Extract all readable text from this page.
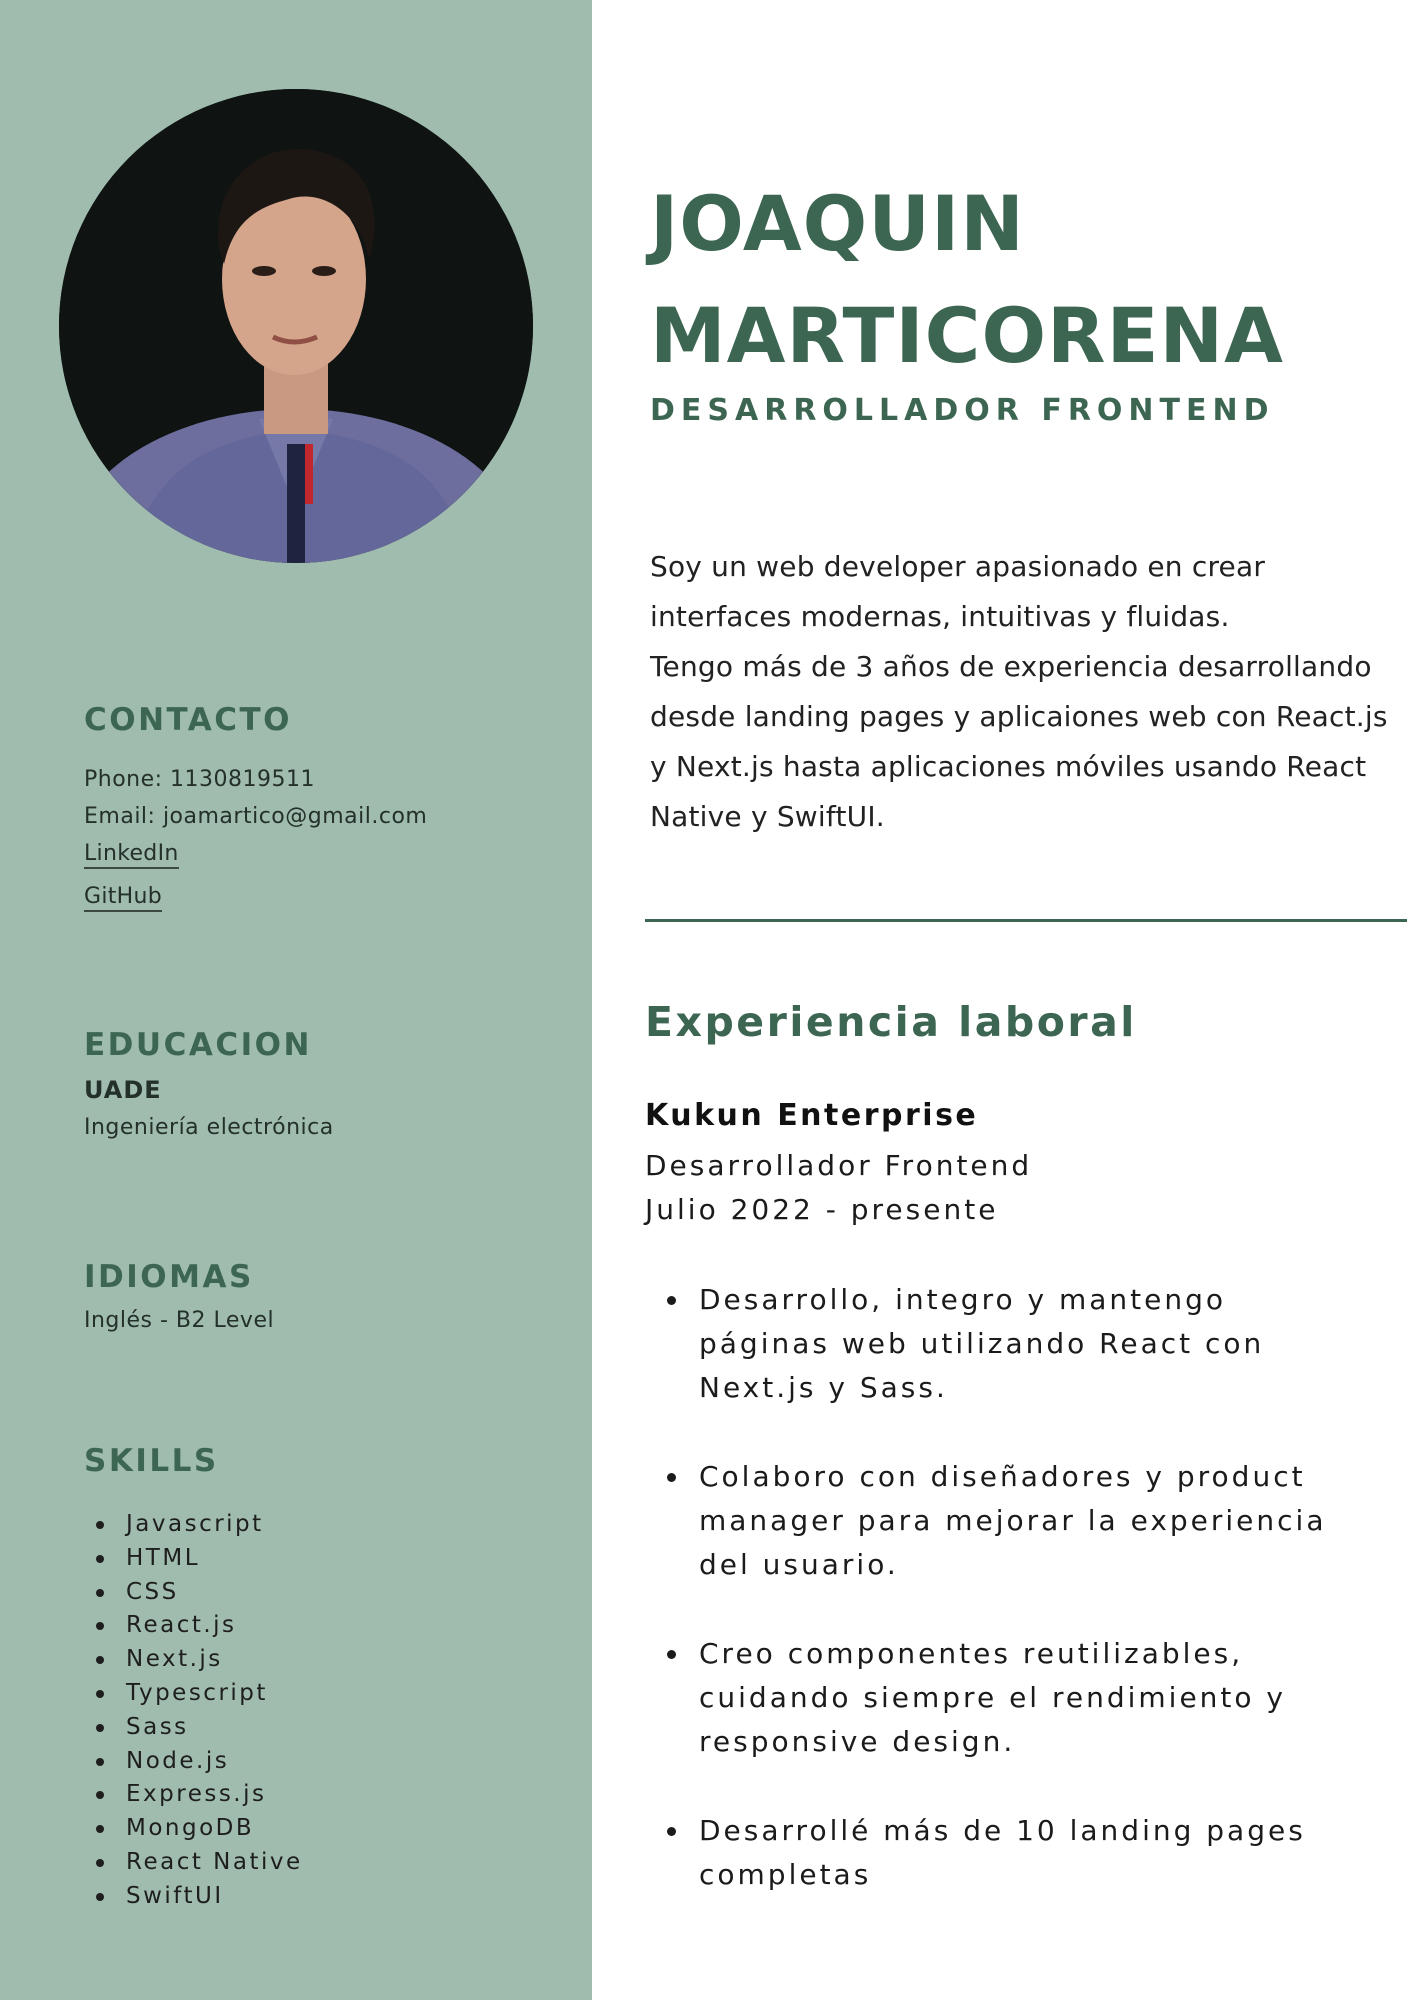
CONTACTO

Phone: 1130819511

Email: joamartico@gmail.com

LinkedIn
GitHub
EDUCACION

UADE

Ingeniería electrónica

IDIOMAS

Inglés - B2 Level

SKILLS
Javascript
HTML
CSS
React.js
Next.js
Typescript
Sass
Node.js
Express.js
MongoDB
React Native
SwiftUI
JOAQUIN
MARTICORENA

DESARROLLADOR FRONTEND

Soy un web developer apasionado en crear
interfaces modernas, intuitivas y fluidas.
Tengo más de 3 años de experiencia desarrollando
desde landing pages y aplicaiones web con React.js
y Next.js hasta aplicaciones móviles usando React
Native y SwiftUI.

Experiencia laboral

Kukun Enterprise

Desarrollador Frontend

Julio 2022 - presente

Desarrollo, integro y mantengo
páginas web utilizando React con
Next.js y Sass.
Colaboro con diseñadores y product
manager para mejorar la experiencia
del usuario.
Creo componentes reutilizables,
cuidando siempre el rendimiento y
responsive design.
Desarrollé más de 10 landing pages
completas
